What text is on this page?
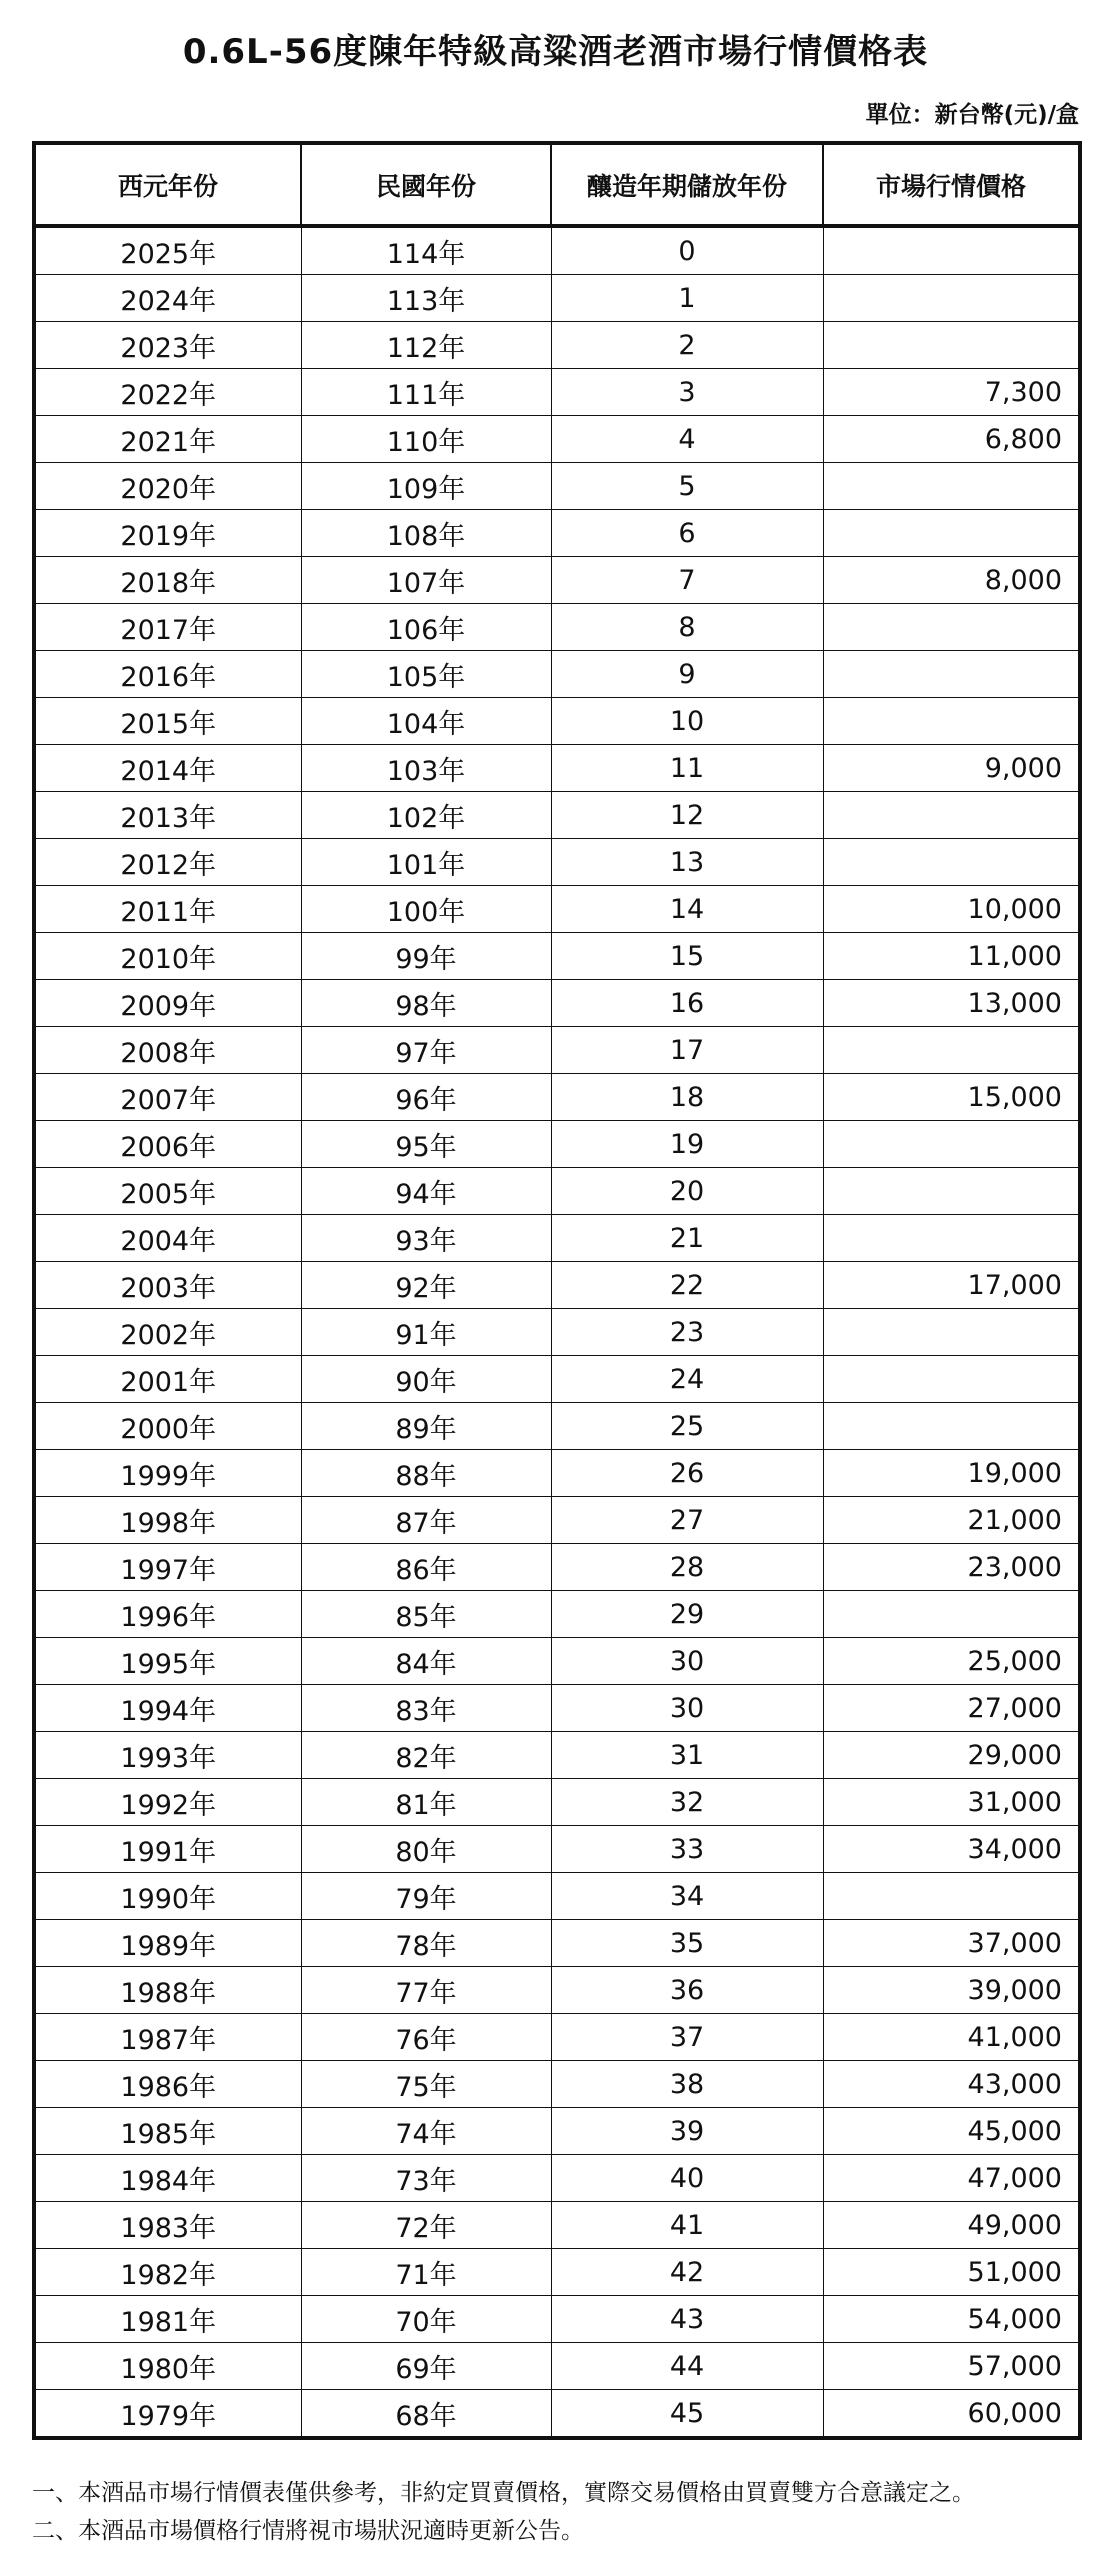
0.6L-56度陳年特級高粱酒老酒市場行情價格表
單位：新台幣(元)/盒
西元年份	民國年份	釀造年期儲放年份	市場行情價格
2025年	114年	0	
2024年	113年	1	
2023年	112年	2	
2022年	111年	3	7,300
2021年	110年	4	6,800
2020年	109年	5	
2019年	108年	6	
2018年	107年	7	8,000
2017年	106年	8	
2016年	105年	9	
2015年	104年	10	
2014年	103年	11	9,000
2013年	102年	12	
2012年	101年	13	
2011年	100年	14	10,000
2010年	99年	15	11,000
2009年	98年	16	13,000
2008年	97年	17	
2007年	96年	18	15,000
2006年	95年	19	
2005年	94年	20	
2004年	93年	21	
2003年	92年	22	17,000
2002年	91年	23	
2001年	90年	24	
2000年	89年	25	
1999年	88年	26	19,000
1998年	87年	27	21,000
1997年	86年	28	23,000
1996年	85年	29	
1995年	84年	30	25,000
1994年	83年	30	27,000
1993年	82年	31	29,000
1992年	81年	32	31,000
1991年	80年	33	34,000
1990年	79年	34	
1989年	78年	35	37,000
1988年	77年	36	39,000
1987年	76年	37	41,000
1986年	75年	38	43,000
1985年	74年	39	45,000
1984年	73年	40	47,000
1983年	72年	41	49,000
1982年	71年	42	51,000
1981年	70年	43	54,000
1980年	69年	44	57,000
1979年	68年	45	60,000
一、本酒品市場行情價表僅供參考，非約定買賣價格，實際交易價格由買賣雙方合意議定之。
二、本酒品市場價格行情將視市場狀況適時更新公告。
